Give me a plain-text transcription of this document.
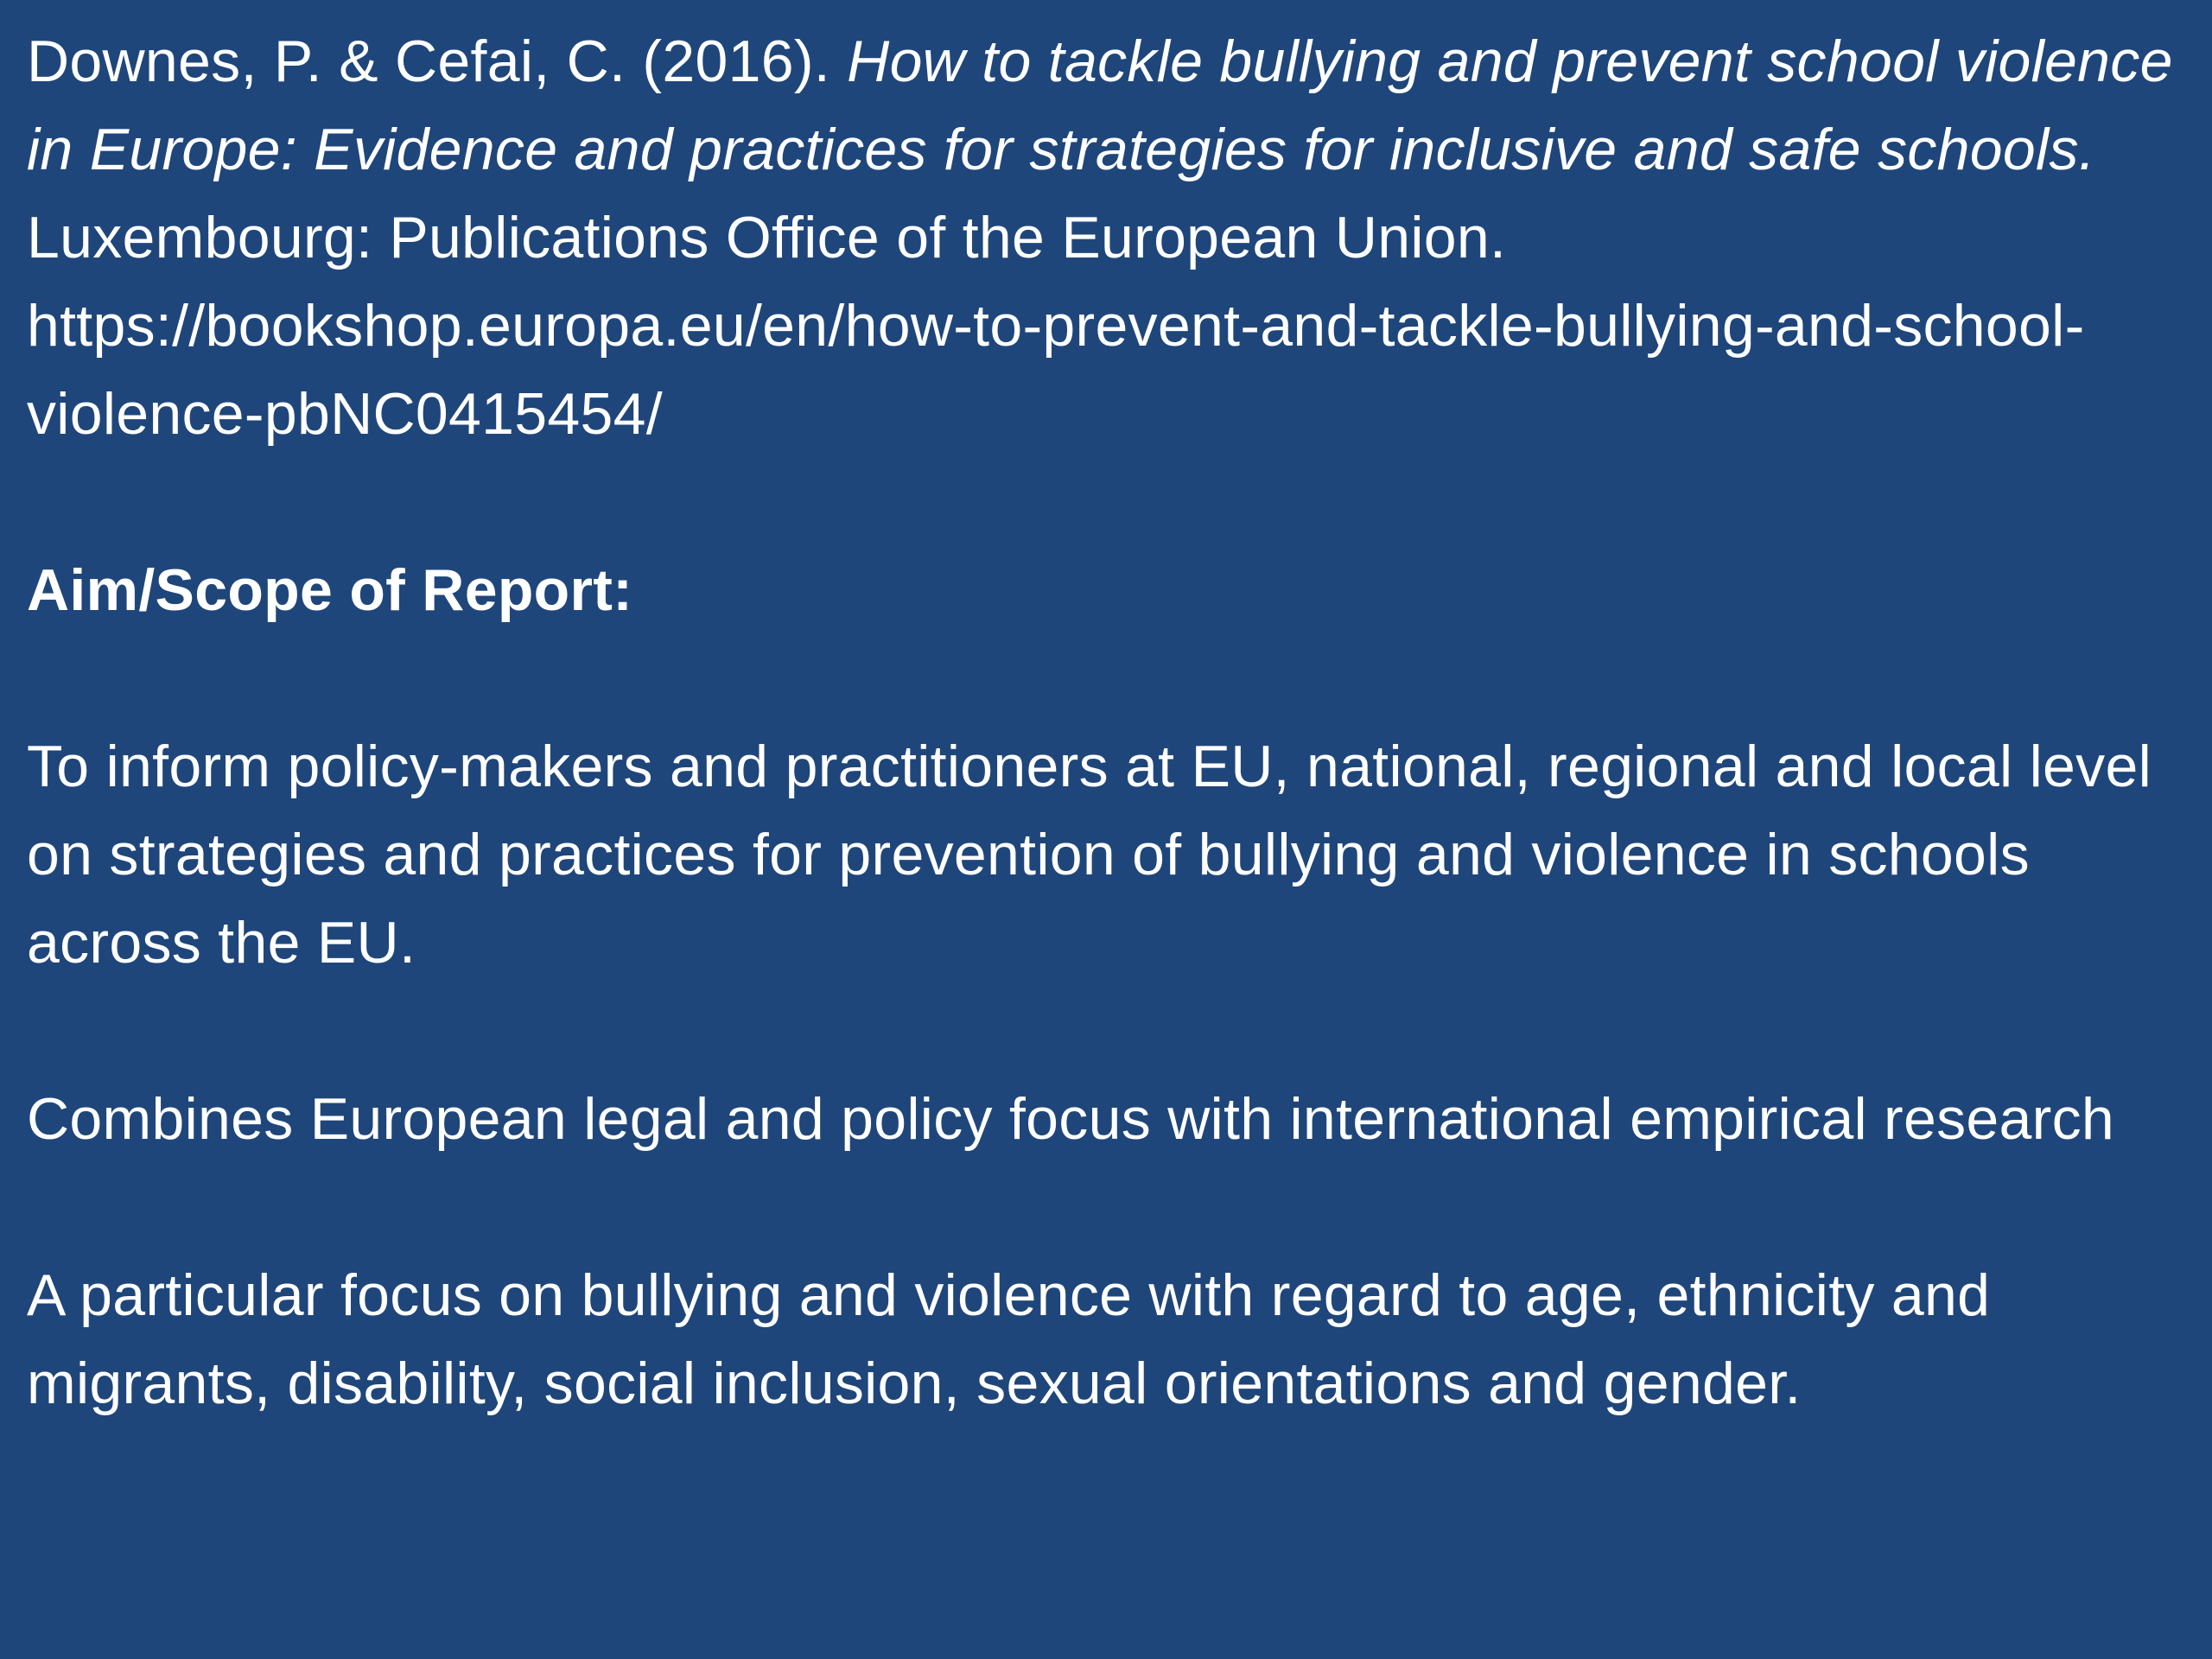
Downes, P. & Cefai, C. (2016). How to tackle bullying and prevent school violence in Europe: Evidence and practices for strategies for inclusive and safe schools. Luxembourg: Publications Office of the European Union.
https://bookshop.europa.eu/en/how-to-prevent-and-tackle-bullying-and-school-violence-pbNC0415454/

Aim/Scope of Report:

To inform policy-makers and practitioners at EU, national, regional and local level on strategies and practices for prevention of bullying and violence in schools across the EU.

Combines European legal and policy focus with international empirical research

A particular focus on bullying and violence with regard to age, ethnicity and migrants, disability, social inclusion, sexual orientations and gender.
